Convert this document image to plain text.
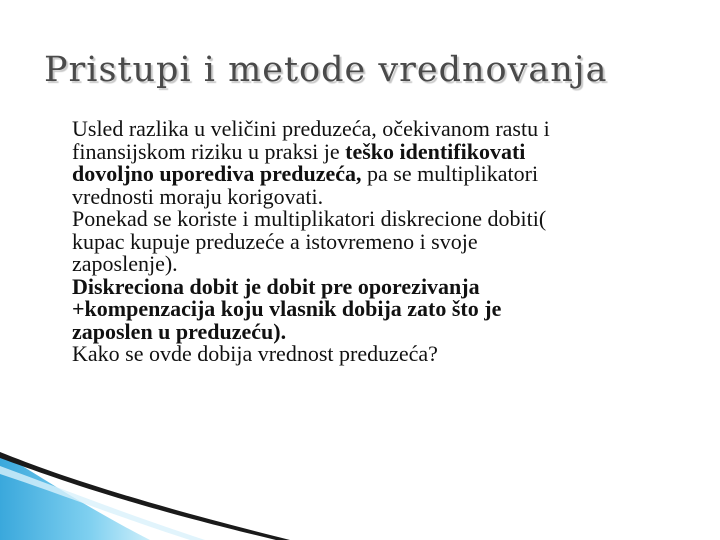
Pristupi i metode vrednovanja
Usled razlika u veličini preduzeća, očekivanom rastu i
finansijskom riziku u praksi je teško identifikovati
dovoljno uporediva preduzeća, pa se multiplikatori
vrednosti moraju korigovati.
Ponekad se koriste i multiplikatori diskrecione dobiti(
kupac kupuje preduzeće a istovremeno i svoje
zaposlenje).
Diskreciona dobit je dobit pre oporezivanja
+kompenzacija koju vlasnik dobija zato što je
zaposlen u preduzeću).
Kako se ovde dobija vrednost preduzeća?
